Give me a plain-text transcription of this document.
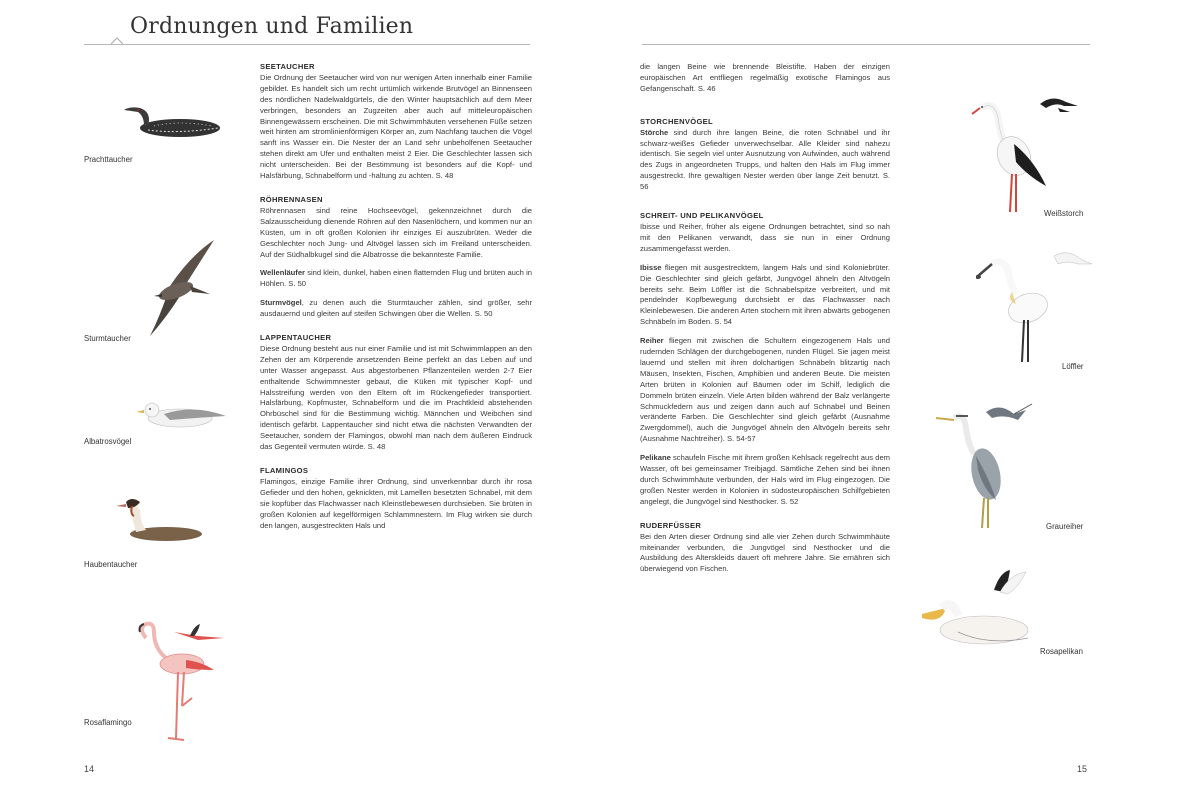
Ordnungen und Familien
Prachttaucher
Sturmtaucher
Albatrosvögel
Haubentaucher
Rosaflamingo

SEETAUCHER

Die Ordnung der Seetaucher wird von nur wenigen Arten innerhalb einer Familie gebildet. Es handelt sich um recht urtümlich wirkende Brutvögel an Binnenseen des nördlichen Nadelwaldgürtels, die den Winter hauptsächlich auf dem Meer verbringen, besonders an Zugzeiten aber auch auf mitteleuropäischen Binnengewässern erscheinen. Die mit Schwimmhäuten versehenen Füße setzen weit hinten am stromlinienförmigen Körper an, zum Nachfang tauchen die Vögel sanft ins Wasser ein. Die Nester der an Land sehr unbeholfenen Seetaucher stehen direkt am Ufer und enthalten meist 2 Eier. Die Geschlechter lassen sich nicht unterscheiden. Bei der Bestimmung ist besonders auf die Kopf- und Halsfärbung, Schnabelform und -haltung zu achten. S. 48

RÖHRENNASEN

Röhrennasen sind reine Hochseevögel, gekennzeichnet durch die Salzausscheidung dienende Röhren auf den Nasenlöchern, und kommen nur an Küsten, um in oft großen Kolonien ihr einziges Ei auszubrüten. Weder die Geschlechter noch Jung- und Altvögel lassen sich im Freiland unterscheiden. Auf der Südhalbkugel sind die Albatrosse die bekannteste Familie.

Wellenläufer sind klein, dunkel, haben einen flatternden Flug und brüten auch in Höhlen. S. 50

Sturmvögel, zu denen auch die Sturmtaucher zählen, sind größer, sehr ausdauernd und gleiten auf steifen Schwingen über die Wellen. S. 50

LAPPENTAUCHER

Diese Ordnung besteht aus nur einer Familie und ist mit Schwimmlappen an den Zehen der am Körperende ansetzenden Beine perfekt an das Leben auf und unter Wasser angepasst. Aus abgestorbenen Pflanzenteilen werden 2-7 Eier enthaltende Schwimmnester gebaut, die Küken mit typischer Kopf- und Halsstreifung werden von den Eltern oft im Rückengefieder transportiert. Halsfärbung, Kopfmuster, Schnabelform und die im Prachtkleid abstehenden Ohrbüschel sind für die Bestimmung wichtig. Männchen und Weibchen sind identisch gefärbt. Lappentaucher sind nicht etwa die nächsten Verwandten der Seetaucher, sondern der Flamingos, obwohl man nach dem äußeren Eindruck das Gegenteil vermuten würde. S. 48

FLAMINGOS

Flamingos, einzige Familie ihrer Ordnung, sind unverkennbar durch ihr rosa Gefieder und den hohen, geknickten, mit Lamellen besetzten Schnabel, mit dem sie kopfüber das Flachwasser nach Kleinstlebewesen durchsieben. Sie brüten in großen Kolonien auf kegelförmigen Schlammnestern. Im Flug wirken sie durch den langen, ausgestreckten Hals und

14

die langen Beine wie brennende Bleistifte. Haben der einzigen europäischen Art entfliegen regelmäßig exotische Flamingos aus Gefangenschaft. S. 46

STORCHENVÖGEL

Störche sind durch ihre langen Beine, die roten Schnäbel und ihr schwarz-weißes Gefieder unverwechselbar. Alle Kleider sind nahezu identisch. Sie segeln viel unter Ausnutzung von Aufwinden, auch während des Zugs in angeordneten Trupps, und halten den Hals im Flug immer ausgestreckt. Ihre gewaltigen Nester werden über lange Zeit benutzt. S. 56

SCHREIT- UND PELIKANVÖGEL

Ibisse und Reiher, früher als eigene Ordnungen betrachtet, sind so nah mit den Pelikanen verwandt, dass sie nun in einer Ordnung zusammengefasst werden.

Ibisse fliegen mit ausgestrecktem, langem Hals und sind Koloniebrüter. Die Geschlechter sind gleich gefärbt, Jungvögel ähneln den Altvögeln bereits sehr. Beim Löffler ist die Schnabelspitze verbreitert, und mit pendelnder Kopfbewegung durchsiebt er das Flachwasser nach Kleinlebewesen. Die anderen Arten stochern mit ihren abwärts gebogenen Schnäbeln im Boden. S. 54

Reiher fliegen mit zwischen die Schultern eingezogenem Hals und rudernden Schlägen der durchgebogenen, runden Flügel. Sie jagen meist lauernd und stellen mit ihren dolchartigen Schnäbeln blitzartig nach Mäusen, Insekten, Fischen, Amphibien und anderen Beute. Die meisten Arten brüten in Kolonien auf Bäumen oder im Schilf, lediglich die Dommeln brüten einzeln. Viele Arten bilden während der Balz verlängerte Schmuckfedern aus und zeigen dann auch auf Schnabel und Beinen veränderte Farben. Die Geschlechter sind gleich gefärbt (Ausnahme Zwergdommel), auch die Jungvögel ähneln den Altvögeln bereits sehr (Ausnahme Nachtreiher). S. 54-57

Pelikane schaufeln Fische mit ihrem großen Kehlsack regelrecht aus dem Wasser, oft bei gemeinsamer Treibjagd. Sämtliche Zehen sind bei ihnen durch Schwimmhäute verbunden, der Hals wird im Flug eingezogen. Die großen Nester werden in Kolonien in südosteuropäischen Schilfgebieten angelegt, die Jungvögel sind Nesthocker. S. 52

RUDERFÜSSER

Bei den Arten dieser Ordnung sind alle vier Zehen durch Schwimmhäute miteinander verbunden, die Jungvögel sind Nesthocker und die Ausbildung des Alterskleids dauert oft mehrere Jahre. Sie ernähren sich überwiegend von Fischen.

Weißstorch
Löffler
Graureiher
Rosapelikan
15
